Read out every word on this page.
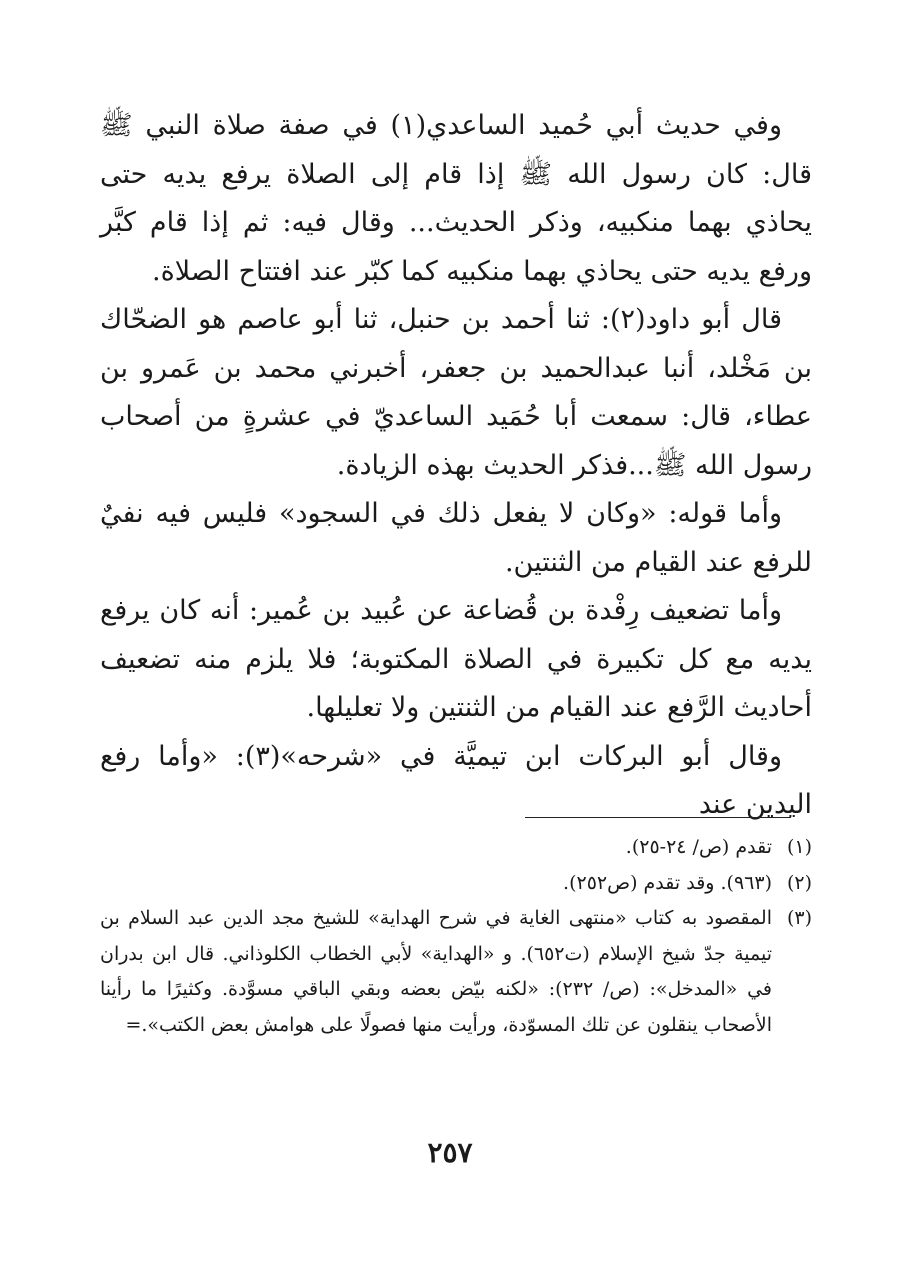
وفي حديث أبي حُميد الساعدي(١) في صفة صلاة النبي ﷺ قال: كان رسول الله ﷺ إذا قام إلى الصلاة يرفع يديه حتى يحاذي بهما منكبيه، وذكر الحديث... وقال فيه: ثم إذا قام كبَّر ورفع يديه حتى يحاذي بهما منكبيه كما كبّر عند افتتاح الصلاة.

قال أبو داود(٢): ثنا أحمد بن حنبل، ثنا أبو عاصم هو الضحّاك بن مَخْلد، أنبا عبدالحميد بن جعفر، أخبرني محمد بن عَمرو بن عطاء، قال: سمعت أبا حُمَيد الساعديّ في عشرةٍ من أصحاب رسول الله ﷺ...فذكر الحديث بهذه الزيادة.

وأما قوله: «وكان لا يفعل ذلك في السجود» فليس فيه نفيٌ للرفع عند القيام من الثنتين.

وأما تضعيف رِفْدة بن قُضاعة عن عُبيد بن عُمير: أنه كان يرفع يديه مع كل تكبيرة في الصلاة المكتوبة؛ فلا يلزم منه تضعيف أحاديث الرَّفع عند القيام من الثنتين ولا تعليلها.

وقال أبو البركات ابن تيميَّة في «شرحه»(٣): «وأما رفع اليدين عند

(١)
تقدم (ص/ ٢٤-٢٥).
(٢)
(٩٦٣). وقد تقدم (ص٢٥٢).
(٣)
المقصود به كتاب «منتهى الغاية في شرح الهداية» للشيخ مجد الدين عبد السلام بن تيمية جدّ شيخ الإسلام (ت٦٥٢). و «الهداية» لأبي الخطاب الكلوذاني. قال ابن بدران في «المدخل»: (ص/ ٢٣٢): «لكنه بيّض بعضه وبقي الباقي مسوَّدة. وكثيرًا ما رأينا الأصحاب ينقلون عن تلك المسوّدة، ورأيت منها فصولًا على هوامش بعض الكتب».=
٢٥٧
